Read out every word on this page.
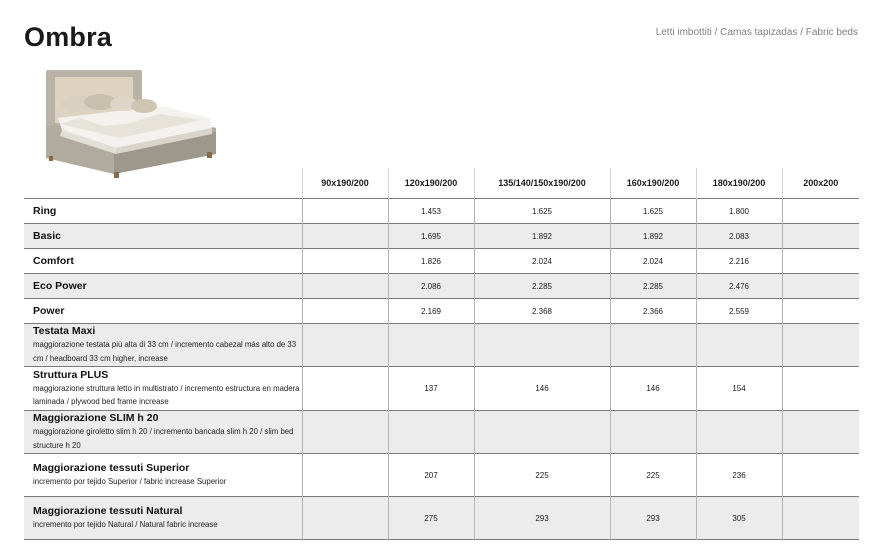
Ombra	Letti imbottiti / Camas tapizadas / Fabric beds
	90x190/200	120x190/200	135/140/150x190/200	160x190/200	180x190/200	200x200

Ring		1.453	1.625	1.625	1.800	

Basic		1.695	1.892	1.892	2.083	

Comfort		1.826	2.024	2.024	2.216	

Eco Power		2.086	2.285	2.285	2.476	

Power		2.169	2.368	2.366	2.559	

Testata Maxi
maggiorazione testata più alta di 33 cm / incremento cabezal más alto de 33 cm / headboard 33 cm higher, increase						

Struttura PLUS
maggiorazione struttura letto in multistrato / incremento estructura en madera laminada / plywood bed frame increase		137	146	146	154	

Maggiorazione SLIM h 20
maggiorazione giroletto slim h 20 / incremento bancada slim h 20 / slim bed structure h 20						

Maggiorazione tessuti Superior
incremento por tejido Superior / fabric increase Superior		207	225	225	236	

Maggiorazione tessuti Natural
incremento por tejido Natural / Natural fabric increase		275	293	293	305	
